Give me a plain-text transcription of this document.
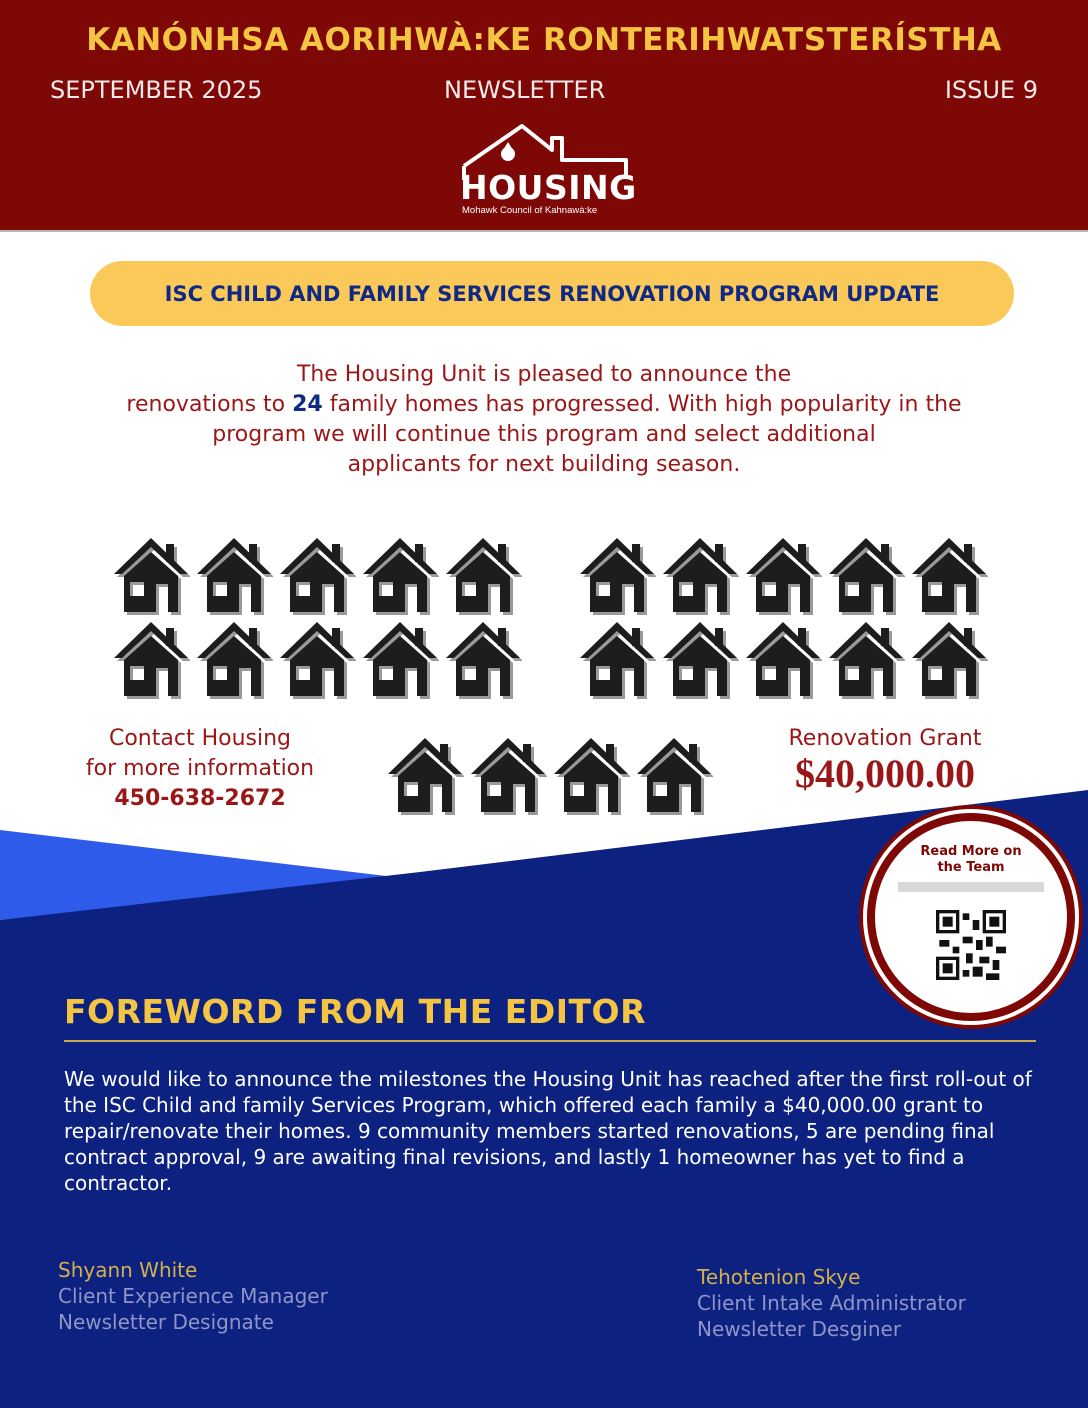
KANÓNHSA AORIHWÀ:KE RONTERIHWATSTERÍSTHA
SEPTEMBER 2025	NEWSLETTER	ISSUE 9
HOUSING
Mohawk Council of Kahnawà:ke
ISC CHILD AND FAMILY SERVICES RENOVATION PROGRAM UPDATE
The Housing Unit is pleased to announce the
renovations to 24 family homes has progressed. With high popularity in the
program we will continue this program and select additional
applicants for next building season.
Contact Housing
for more information
450-638-2672
Renovation Grant
$40,000.00
Read More on
the Team
FOREWORD FROM THE EDITOR
We would like to announce the milestones the Housing Unit has reached after the first roll-out of the ISC Child and family Services Program, which offered each family a $40,000.00 grant to repair/renovate their homes. 9 community members started renovations, 5 are pending final contract approval, 9 are awaiting final revisions, and lastly 1 homeowner has yet to find a contractor.
Shyann White
Client Experience Manager
Newsletter Designate
Tehotenion Skye
Client Intake Administrator
Newsletter Desginer
